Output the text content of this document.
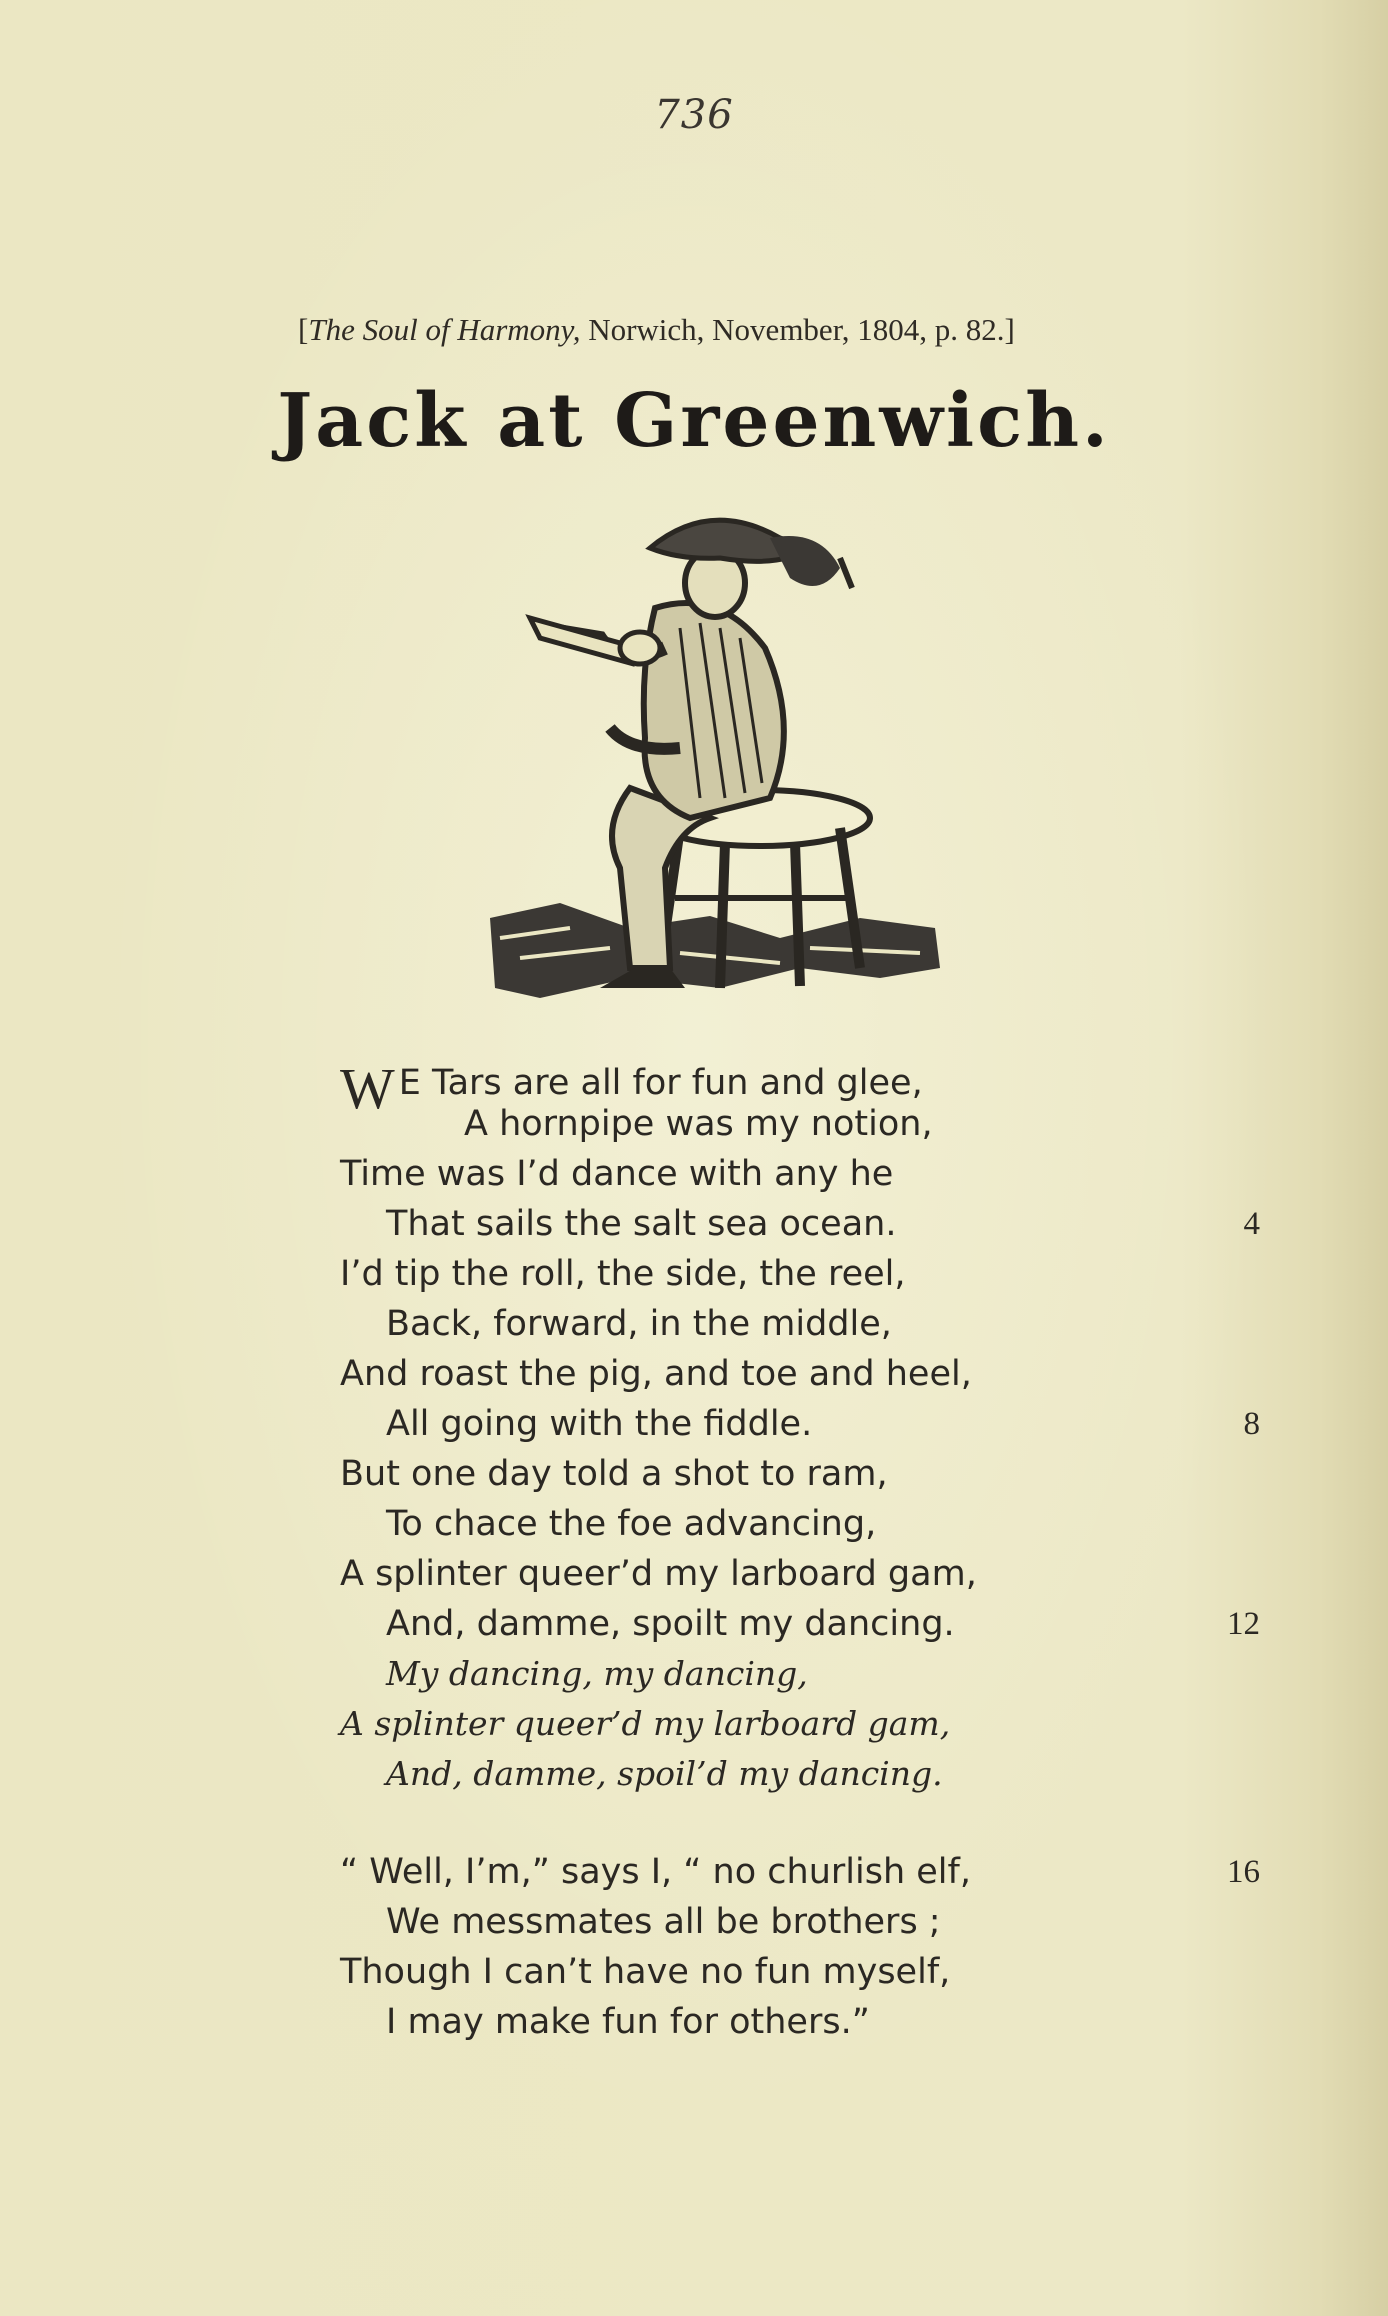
736
[The Soul of Harmony, Norwich, November, 1804, p. 82.]
Jack at Greenwich.
W E Tars are all for fun and glee,
A hornpipe was my notion,
Time was I’d dance with any he
That sails the salt sea ocean.	4
I’d tip the roll, the side, the reel,
Back, forward, in the middle,
And roast the pig, and toe and heel,
All going with the fiddle.	8
But one day told a shot to ram,
To chace the foe advancing,
A splinter queer’d my larboard gam,
And, damme, spoilt my dancing.	12
My dancing, my dancing,
A splinter queer’d my larboard gam,
And, damme, spoil’d my dancing.
“ Well, I’m,” says I, “ no churlish elf,	16
We messmates all be brothers ;
Though I can’t have no fun myself,
I may make fun for others.”
